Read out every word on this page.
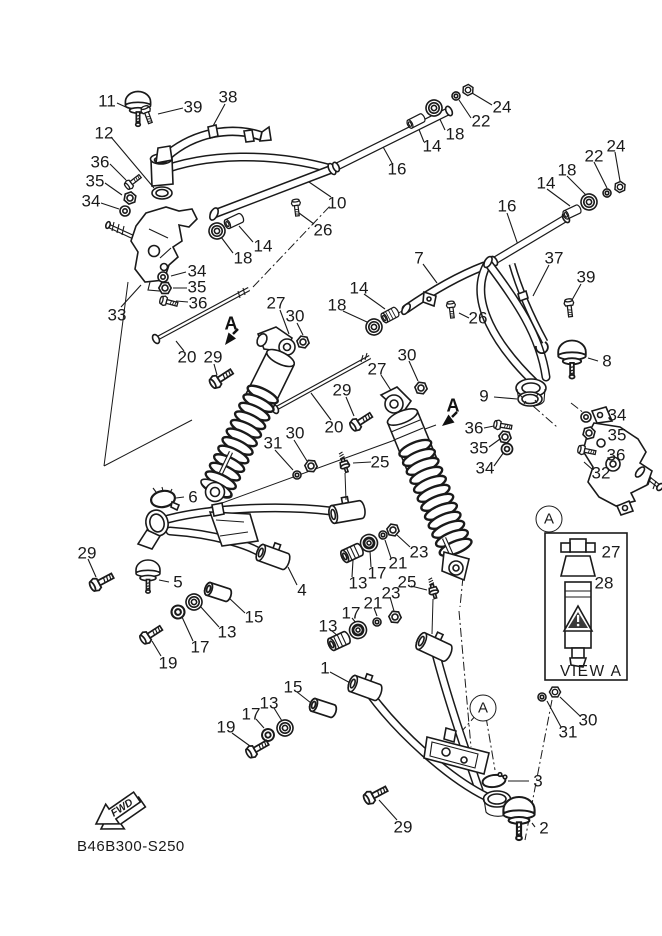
VIEW A
FWD
B46B300-S250
11	39
38
12
36
35
34
34
35
36
33
10
26
14
18
16
24
22
18
14	24
22
18
14
16
7	37
39
14
18
26
8
9
27
30
20 29
30
31
6
27
30
29
20
25
36
35
34
34
35
36
32
23
21
17
13 25
23
21
17
13
29
5	4
15
13
17
19	1
15
13
17
19
27
28
30
31
3
2
29
A
A
A
A
